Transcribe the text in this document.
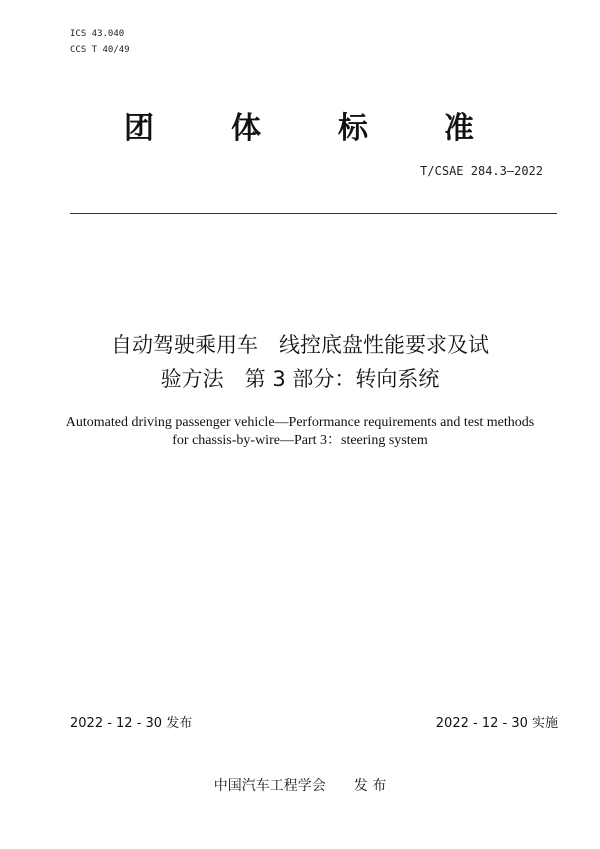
ICS 43.040
CCS T 40/49
团	体	标	准
T/CSAE 284.3—2022
自动驾驶乘用车　线控底盘性能要求及试
验方法　第 3 部分：转向系统
Automated driving passenger vehicle—Performance requirements and test methods
for chassis-by-wire—Part 3：steering system
2022 - 12 - 30 发布	2022 - 12 - 30 实施
中国汽车工程学会 发 布
